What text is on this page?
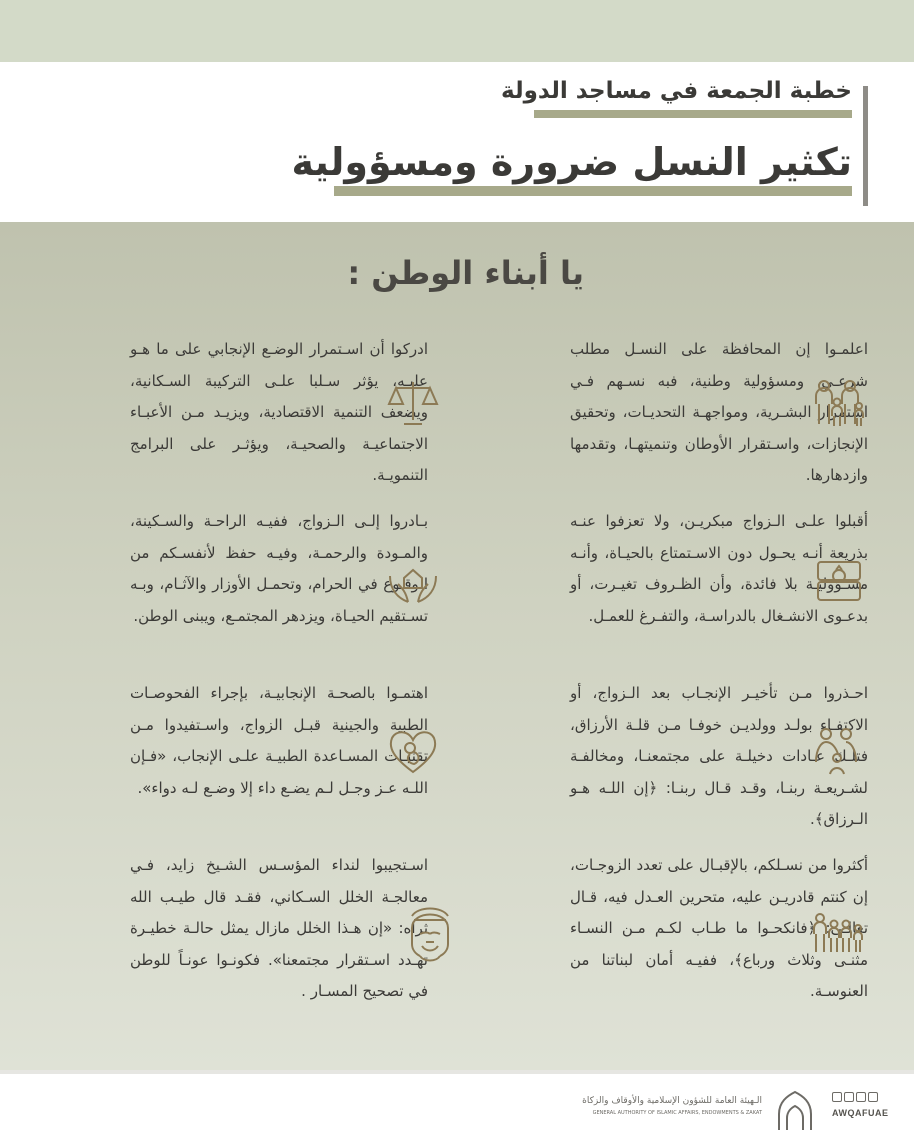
خطبة الجمعة في مساجد الدولة
تكثير النسل ضرورة ومسؤولية
يا أبناء الوطن :
اعلمـوا إن المحافظة على النسـل مطلب شرعـي، ومسؤولية وطنية، فبه نسـهم فـي استمرار البشـرية، ومواجهـة التحديـات، وتحقيق الإنجازات، واسـتقرار الأوطان وتنميتهـا، وتقدمها وازدهارها.
ادركوا أن اسـتمرار الوضـع الإنجابي على ما هـو عليـه، يؤثر سـلبا علـى التركيبة السـكانية، ويضعف التنمية الاقتصادية، ويزيـد مـن الأعبـاء الاجتماعيـة والصحيـة، ويؤثـر على البرامج التنمويـة.
أقبلوا علـى الـزواج مبكريـن، ولا تعزفوا عنـه بذريعة أنـه يحـول دون الاسـتمتاع بالحيـاة، وأنـه مسـؤوليـة بلا فائدة، وأن الظـروف تغيـرت، أو بدعـوى الانشـغال بالدراسـة، والتفـرغ للعمـل.
بـادروا إلـى الـزواج، ففيـه الراحـة والسـكينة، والمـودة والرحمـة، وفيـه حفظ لأنفسـكم من الوقـوع في الحرام، وتحمـل الأوزار والآثـام، وبـه تسـتقيم الحيـاة، ويزدهر المجتمـع، ويبنى الوطن.
احـذروا مـن تأخيـر الإنجـاب بعد الـزواج، أو الاكتفـاء بولـد وولديـن خوفـا مـن قلـة الأرزاق، فتلـك عـادات دخيلـة على مجتمعنـا، ومخالفـة لشـريعـة ربنـا، وقـد قـال ربنـا: ﴿إن اللـه هـو الـرزاق﴾.
اهتمـوا بالصحـة الإنجابيـة، بإجراء الفحوصـات الطبية والجينية قبـل الزواج، واسـتفيدوا مـن تقنيـات المسـاعدة الطبيـة علـى الإنجاب، «فـإن اللـه عـز وجـل لـم يضـع داء إلا وضـع لـه دواء».
أكثروا من نسـلكم، بالإقبـال على تعدد الزوجـات، إن كنتم قادريـن عليه، متحرين العـدل فيه، قـال تعالـى: ﴿فانكحـوا ما طـاب لكـم مـن النسـاء مثنـى وثلاث ورباع﴾، ففيـه أمان لبناتنا من العنوسـة.
اسـتجيبوا لنداء المؤسـس الشـيخ زايد، فـي معالجـة الخلل السـكاني، فقـد قال طيـب الله ثراه: «إن هـذا الخلل مازال يمثل حالـة خطيـرة تهـدد اسـتقرار مجتمعنا». فكونـوا عونـاً للوطن في تصحيح المسـار .
الـهيئة العامة للشؤون الإسلامية والأوقاف والزكاة
GENERAL AUTHORITY OF ISLAMIC AFFAIRS, ENDOWMENTS & ZAKAT	AWQAFUAE
